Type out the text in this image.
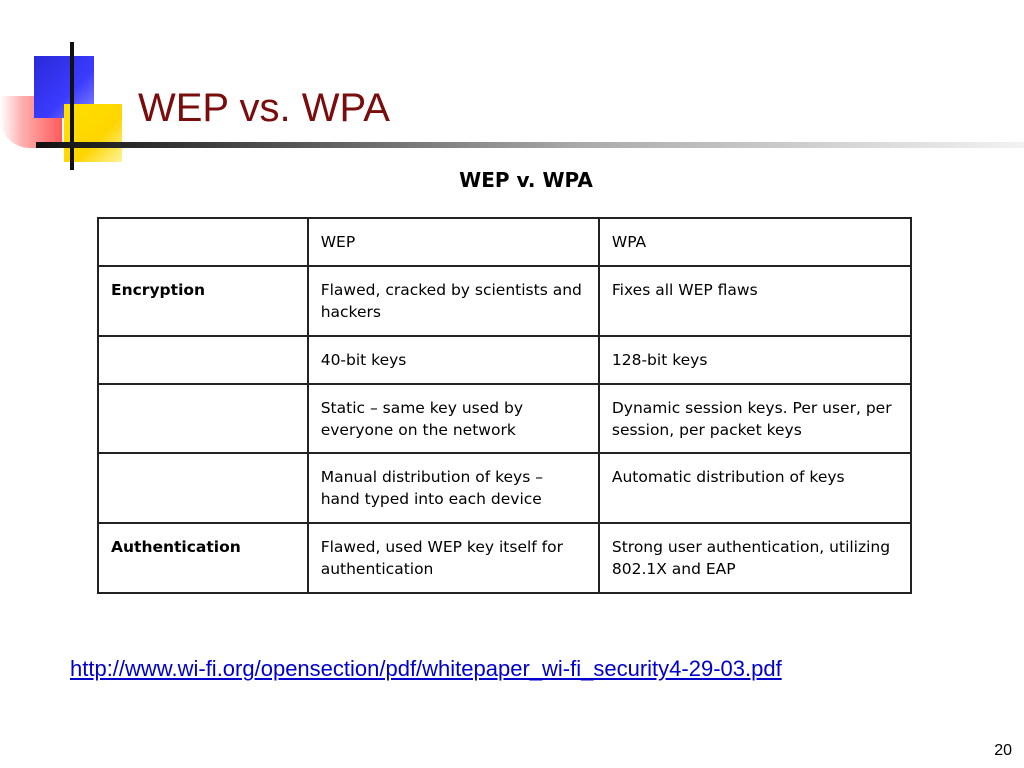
WEP vs. WPA
WEP v. WPA
	WEP	WPA
Encryption	Flawed, cracked by scientists and hackers	Fixes all WEP flaws
	40-bit keys	128-bit keys
	Static – same key used by everyone on the network	Dynamic session keys. Per user, per session, per packet keys
	Manual distribution of keys – hand typed into each device	Automatic distribution of keys
Authentication	Flawed, used WEP key itself for authentication	Strong user authentication, utilizing 802.1X and EAP
http://www.wi-fi.org/opensection/pdf/whitepaper_wi-fi_security4-29-03.pdf
20
